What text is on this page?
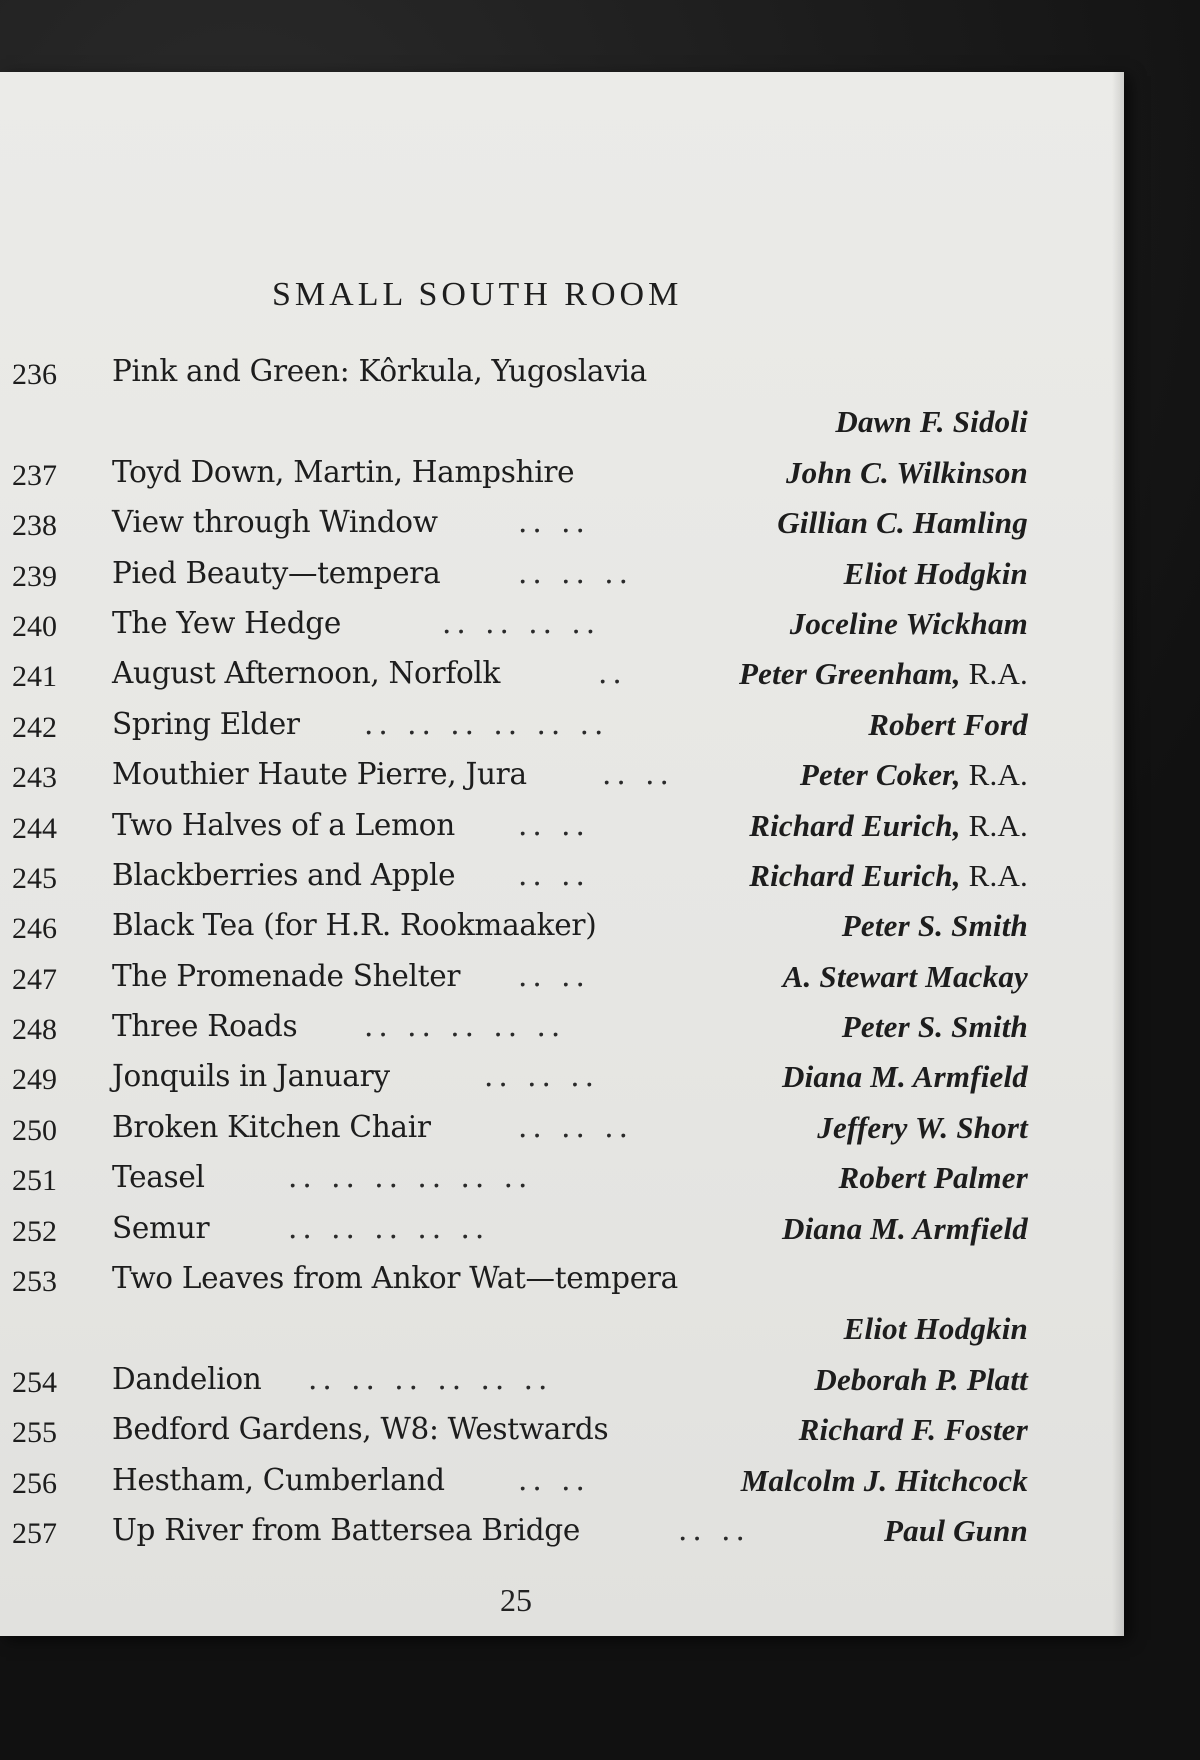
SMALL SOUTH ROOM
236 Pink and Green: Kôrkula, Yugoslavia
Dawn F. Sidoli
237 Toyd Down, Martin, Hampshire	John C. Wilkinson
238 View through Window	.. ..	Gillian C. Hamling
239 Pied Beauty—tempera	.. .. ..	Eliot Hodgkin
240 The Yew Hedge	.. .. .. ..	Joceline Wickham
241 August Afternoon, Norfolk	..	Peter Greenham, R.A.
242 Spring Elder .. .. .. .. .. ..	Robert Ford
243 Mouthier Haute Pierre, Jura	.. ..	Peter Coker, R.A.
244 Two Halves of a Lemon .. ..	Richard Eurich, R.A.
245 Blackberries and Apple .. ..	Richard Eurich, R.A.
246 Black Tea (for H.R. Rookmaaker)	Peter S. Smith
247 The Promenade Shelter .. ..	A. Stewart Mackay
248 Three Roads .. .. .. .. ..	Peter S. Smith
249 Jonquils in January	.. .. ..	Diana M. Armfield
250 Broken Kitchen Chair	.. .. ..	Jeffery W. Short
251 Teasel	.. .. .. .. .. ..	Robert Palmer
252 Semur	.. .. .. .. ..	Diana M. Armfield
253 Two Leaves from Ankor Wat—tempera
Eliot Hodgkin
254 Dandelion .. .. .. .. .. ..	Deborah P. Platt
255 Bedford Gardens, W8: Westwards	Richard F. Foster
256 Hestham, Cumberland .. ..	Malcolm J. Hitchcock
257 Up River from Battersea Bridge	.. ..	Paul Gunn
25
